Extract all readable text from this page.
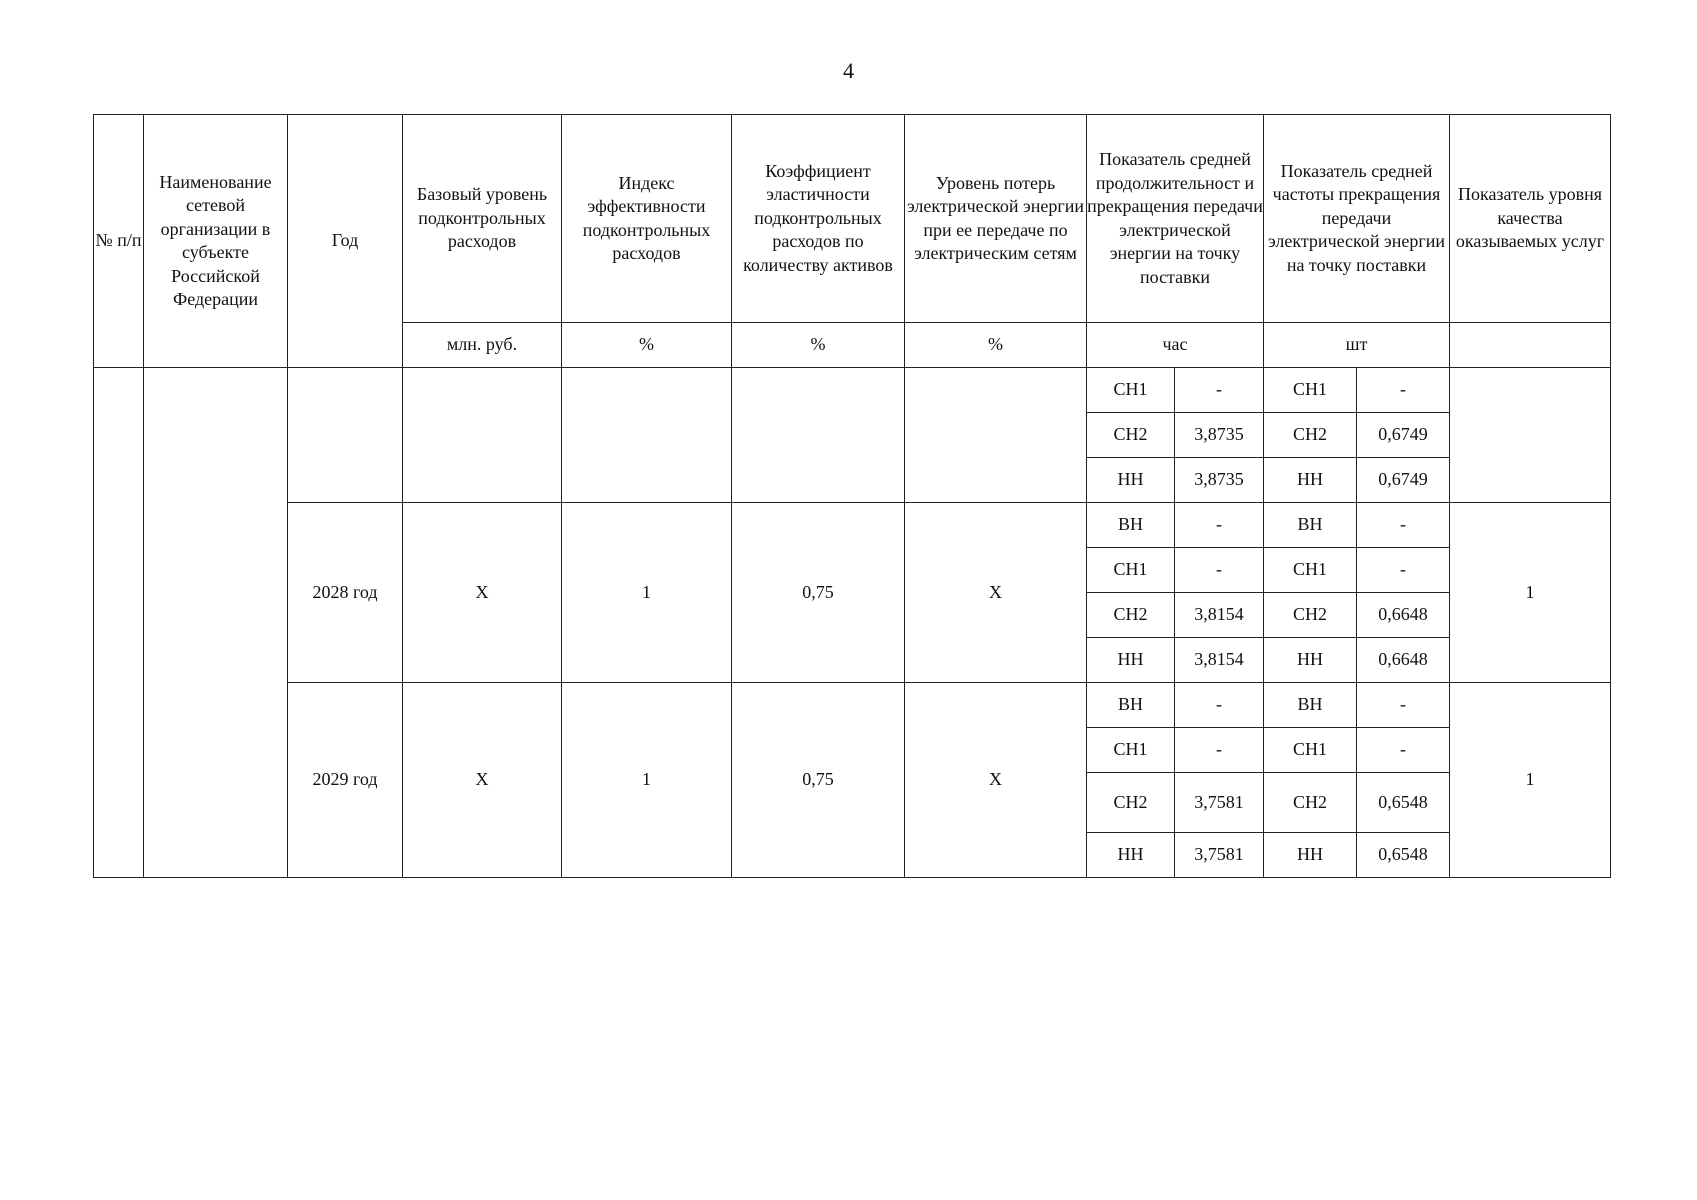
4
№ п/п	Наименование сетевой организации в субъекте Российской Федерации	Год	Базовый уровень подконтрольных расходов	Индекс эффективности подконтрольных расходов	Коэффициент эластичности подконтрольных расходов по количеству активов	Уровень потерь электрической энергии при ее передаче по электрическим сетям	Показатель средней продолжительност и прекращения передачи электрической энергии на точку поставки		Показатель средней частоты прекращения передачи электрической энергии на точку поставки		Показатель уровня качества оказываемых услуг
			млн. руб.	%	%	%	час		шт		
							СН1	-	СН1	-	
							СН2	3,8735	СН2	0,6749	
							НН	3,8735	НН	0,6749	
		2028 год	Х	1	0,75	Х	ВН	-	ВН	-	1
							СН1	-	СН1	-	
							СН2	3,8154	СН2	0,6648	
							НН	3,8154	НН	0,6648	
		2029 год	Х	1	0,75	Х	ВН	-	ВН	-	1
							СН1	-	СН1	-	
							СН2	3,7581	СН2	0,6548	
							НН	3,7581	НН	0,6548	
